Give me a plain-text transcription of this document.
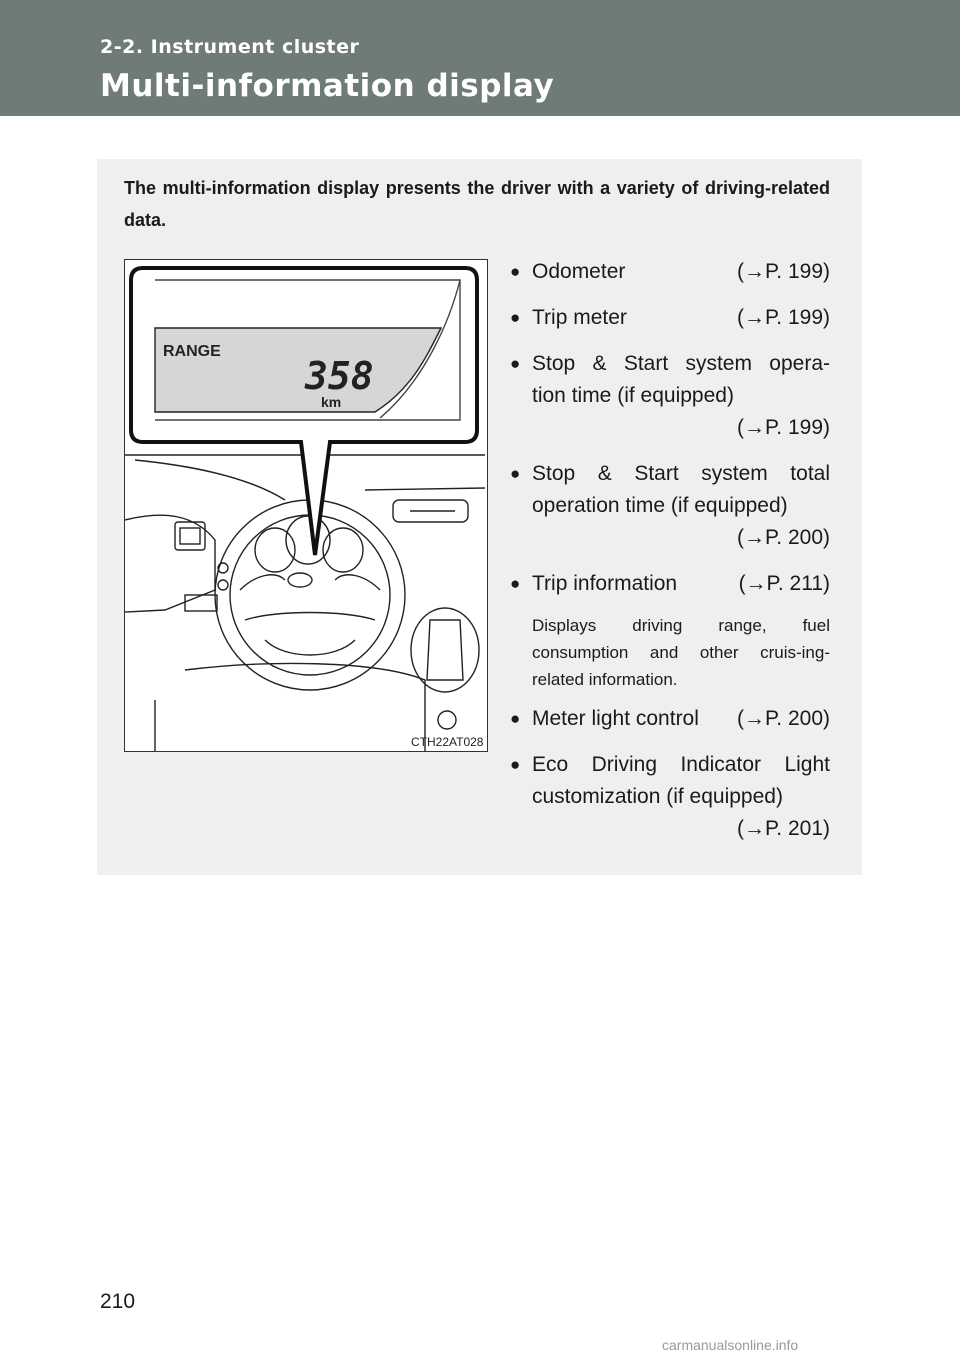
2-2. Instrument cluster
Multi-information display
The multi-information display presents the driver with a variety of driving-related data.
RANGE
358
km
CTH22AT028
● Odometer	(→P. 199)
● Trip meter	(→P. 199)
● Stop & Start system opera-
tion time (if equipped)
(→P. 199)
● Stop & Start system total
operation time (if equipped)
(→P. 200)
● Trip information	(→P. 211)
Displays driving range, fuel consumption and other cruis-ing-related information.
● Meter light control (→P. 200)
● Eco Driving Indicator Light
customization (if equipped)
(→P. 201)
210
carmanualsonline.info
